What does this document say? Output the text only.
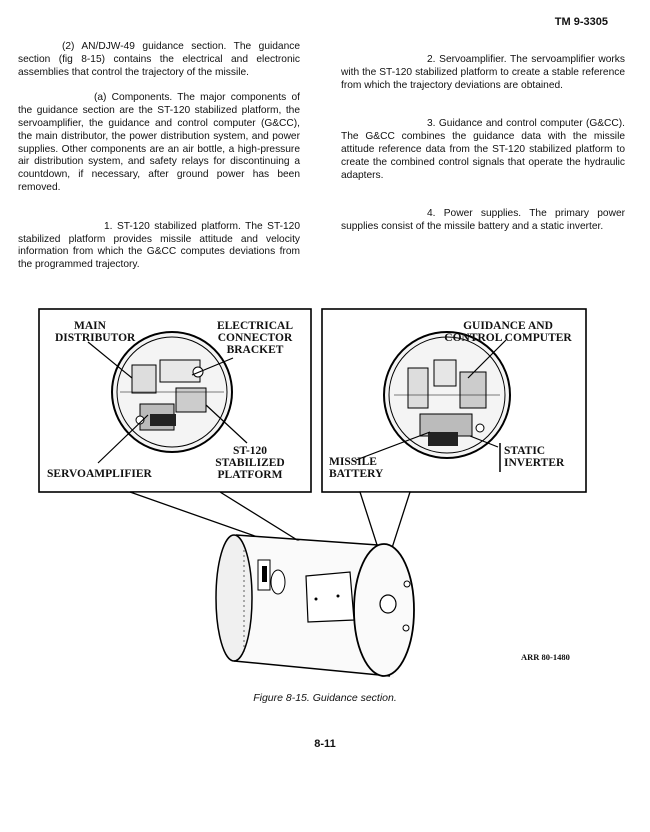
TM 9-3305

(2) AN/DJW-49 guidance section. The guidance section (fig 8-15) contains the electrical and electronic assemblies that control the trajectory of the missile.

(a) Components. The major components of the guidance section are the ST-120 stabilized platform, the servoamplifier, the guidance and control computer (G&CC), the main distributor, the power distribution system, and power supplies. Other components are an air bottle, a high-pressure air distribution system, and safety relays for discontinuing a countdown, if necessary, after ground power has been removed.

1. ST-120 stabilized platform. The ST-120 stabilized platform provides missile attitude and velocity information from which the G&CC computes deviations from the programmed trajectory.

2. Servoamplifier. The servoamplifier works with the ST-120 stabilized platform to create a stable reference from which the trajectory deviations are obtained.

3. Guidance and control computer (G&CC). The G&CC combines the guidance data with the missile attitude reference data from the ST-120 stabilized platform to create the combined control signals that operate the hydraulic adapters.

4. Power supplies. The primary power supplies consist of the missile battery and a static inverter.

MAIN
DISTRIBUTOR
ELECTRICAL
CONNECTOR
BRACKET
ST-120
STABILIZED
PLATFORM
SERVOAMPLIFIER
GUIDANCE AND
CONTROL COMPUTER
MISSILE
BATTERY
STATIC
INVERTER
ARR 80-1480
Figure 8-15. Guidance section.
8-11
